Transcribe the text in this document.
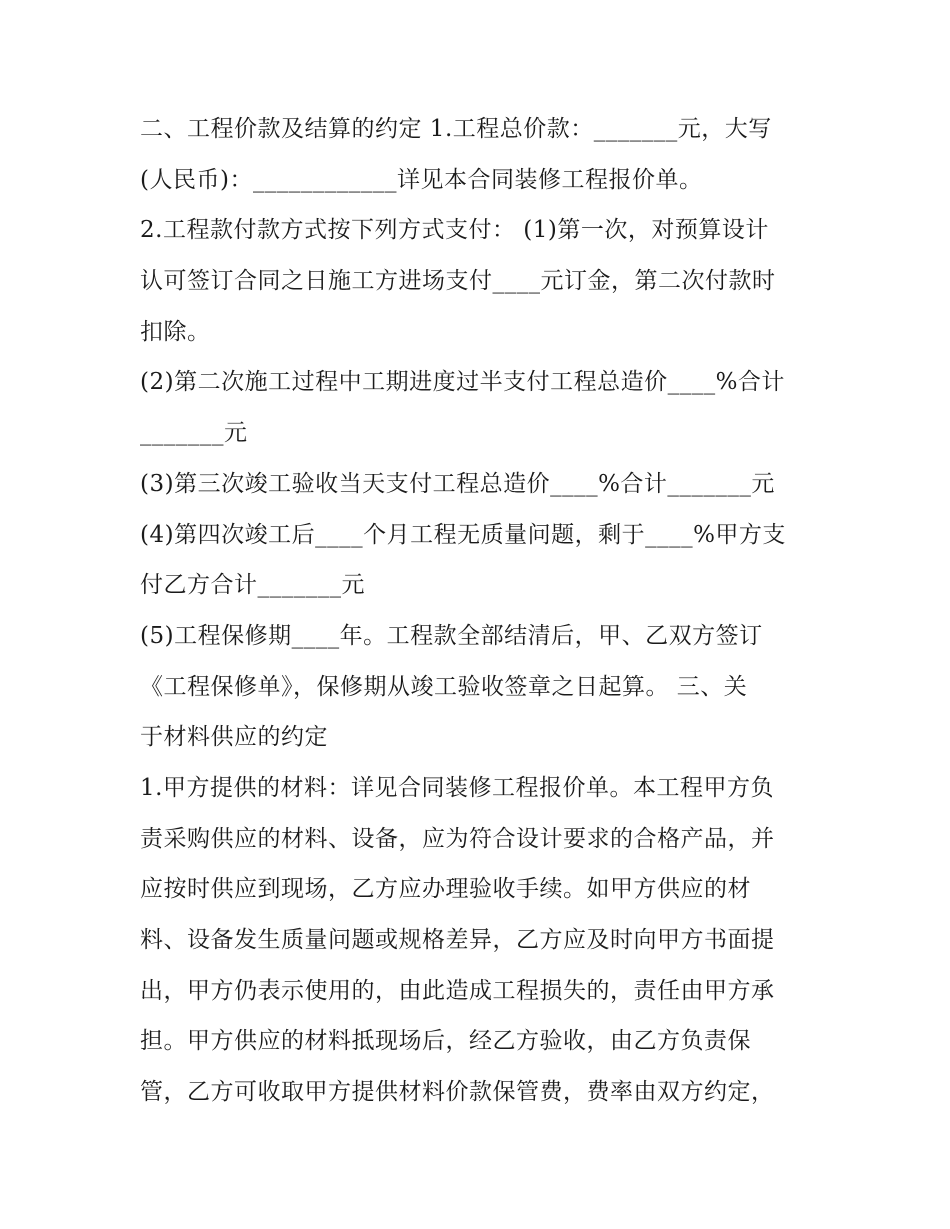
二、工程价款及结算的约定 1.工程总价款：_______元，大写
(人民币)：____________详见本合同装修工程报价单。
2.工程款付款方式按下列方式支付： (1)第一次，对预算设计
认可签订合同之日施工方进场支付____元订金，第二次付款时
扣除。
(2)第二次施工过程中工期进度过半支付工程总造价____%合计
_______元
(3)第三次竣工验收当天支付工程总造价____%合计_______元
(4)第四次竣工后____个月工程无质量问题，剩于____%甲方支
付乙方合计_______元
(5)工程保修期____年。工程款全部结清后，甲、乙双方签订
《工程保修单》，保修期从竣工验收签章之日起算。 三、关
于材料供应的约定
1.甲方提供的材料：详见合同装修工程报价单。本工程甲方负
责采购供应的材料、设备，应为符合设计要求的合格产品，并
应按时供应到现场，乙方应办理验收手续。如甲方供应的材
料、设备发生质量问题或规格差异，乙方应及时向甲方书面提
出，甲方仍表示使用的，由此造成工程损失的，责任由甲方承
担。甲方供应的材料抵现场后，经乙方验收，由乙方负责保
管，乙方可收取甲方提供材料价款保管费，费率由双方约定，
